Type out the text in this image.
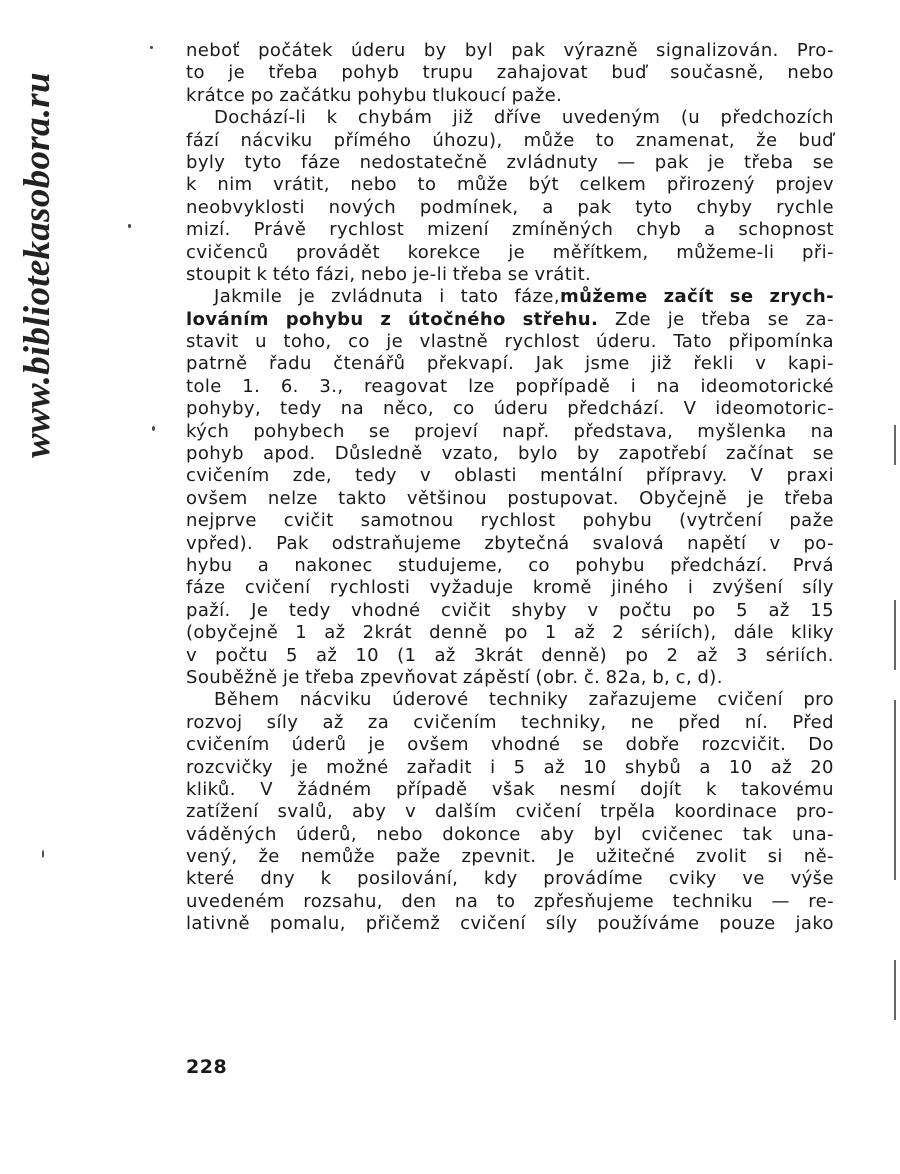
www.bibliotekasobora.ru
neboť počátek úderu by byl pak výrazně signalizován. Pro-
to je třeba pohyb trupu zahajovat buď současně, nebo
krátce po začátku pohybu tlukoucí paže.
Dochází-li k chybám již dříve uvedeným (u předchozích
fází nácviku přímého úhozu), může to znamenat, že buď
byly tyto fáze nedostatečně zvládnuty — pak je třeba se
k nim vrátit, nebo to může být celkem přirozený projev
neobvyklosti nových podmínek, a pak tyto chyby rychle
mizí. Právě rychlost mizení zmíněných chyb a schopnost
cvičenců provádět korekce je měřítkem, můžeme-li při-
stoupit k této fázi, nebo je-li třeba se vrátit.
Jakmile je zvládnuta i tato fáze,můžeme začít se zrych-
lováním pohybu z útočného střehu. Zde je třeba se za-
stavit u toho, co je vlastně rychlost úderu. Tato připomínka
patrně řadu čtenářů překvapí. Jak jsme již řekli v kapi-
tole 1. 6. 3., reagovat lze popřípadě i na ideomotorické
pohyby, tedy na něco, co úderu předchází. V ideomotoric-
kých pohybech se projeví např. představa, myšlenka na
pohyb apod. Důsledně vzato, bylo by zapotřebí začínat se
cvičením zde, tedy v oblasti mentální přípravy. V praxi
ovšem nelze takto většinou postupovat. Obyčejně je třeba
nejprve cvičit samotnou rychlost pohybu (vytrčení paže
vpřed). Pak odstraňujeme zbytečná svalová napětí v po-
hybu a nakonec studujeme, co pohybu předchází. Prvá
fáze cvičení rychlosti vyžaduje kromě jiného i zvýšení síly
paží. Je tedy vhodné cvičit shyby v počtu po 5 až 15
(obyčejně 1 až 2krát denně po 1 až 2 sériích), dále kliky
v počtu 5 až 10 (1 až 3krát denně) po 2 až 3 sériích.
Souběžně je třeba zpevňovat zápěstí (obr. č. 82a, b, c, d).
Během nácviku úderové techniky zařazujeme cvičení pro
rozvoj síly až za cvičením techniky, ne před ní. Před
cvičením úderů je ovšem vhodné se dobře rozcvičit. Do
rozcvičky je možné zařadit i 5 až 10 shybů a 10 až 20
kliků. V žádném případě však nesmí dojít k takovému
zatížení svalů, aby v dalším cvičení trpěla koordinace pro-
váděných úderů, nebo dokonce aby byl cvičenec tak una-
vený, že nemůže paže zpevnit. Je užitečné zvolit si ně-
které dny k posilování, kdy provádíme cviky ve výše
uvedeném rozsahu, den na to zpřesňujeme techniku — re-
lativně pomalu, přičemž cvičení síly používáme pouze jako
228
